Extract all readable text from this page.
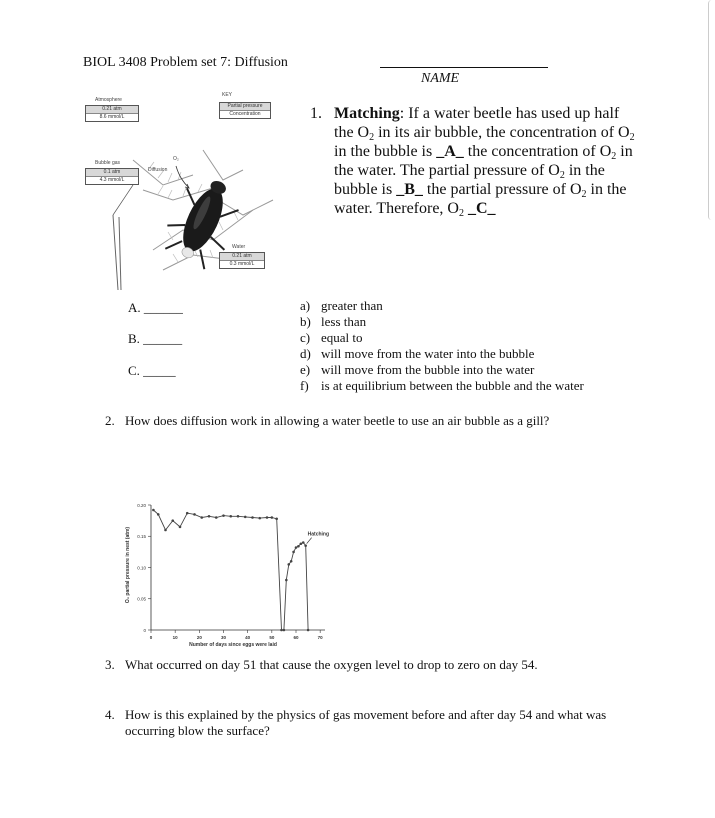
BIOL 3408 Problem set 7: Diffusion
NAME
Atmosphere
0.21 atm
8.6 mmol/L
KEY
Partial pressure
Concentration
O₂
Diffusion
Bubble gas
0.1 atm
4.3 mmol/L
Water
0.21 atm
0.3 mmol/L
1. Matching: If a water beetle has used up half the $O_2$ in its air bubble, the concentration of $O_2$ in the bubble is _A_ the concentration of $O_2$ in the water. The partial pressure of $O_2$ in the bubble is _B_ the partial pressure of $O_2$ in the water. Therefore, $O_2$ _C_
A. ______
B. ______
C. _____
a) greater than
b) less than
c) equal to
d) will move from the water into the bubble
e) will move from the bubble into the water
f) is at equilibrium between the bubble and the water
2. How does diffusion work in allowing a water beetle to use an air bubble as a gill?
0
0.05
0.10
0.15
0.20
0	10	20	30	40	50	60	70
Number of days since eggs were laid
O₂ partial pressure in nest (atm)	Hatching
3. What occurred on day 51 that cause the oxygen level to drop to zero on day 54.
4. How is this explained by the physics of gas movement before and after day 54 and what was occurring blow the surface?
